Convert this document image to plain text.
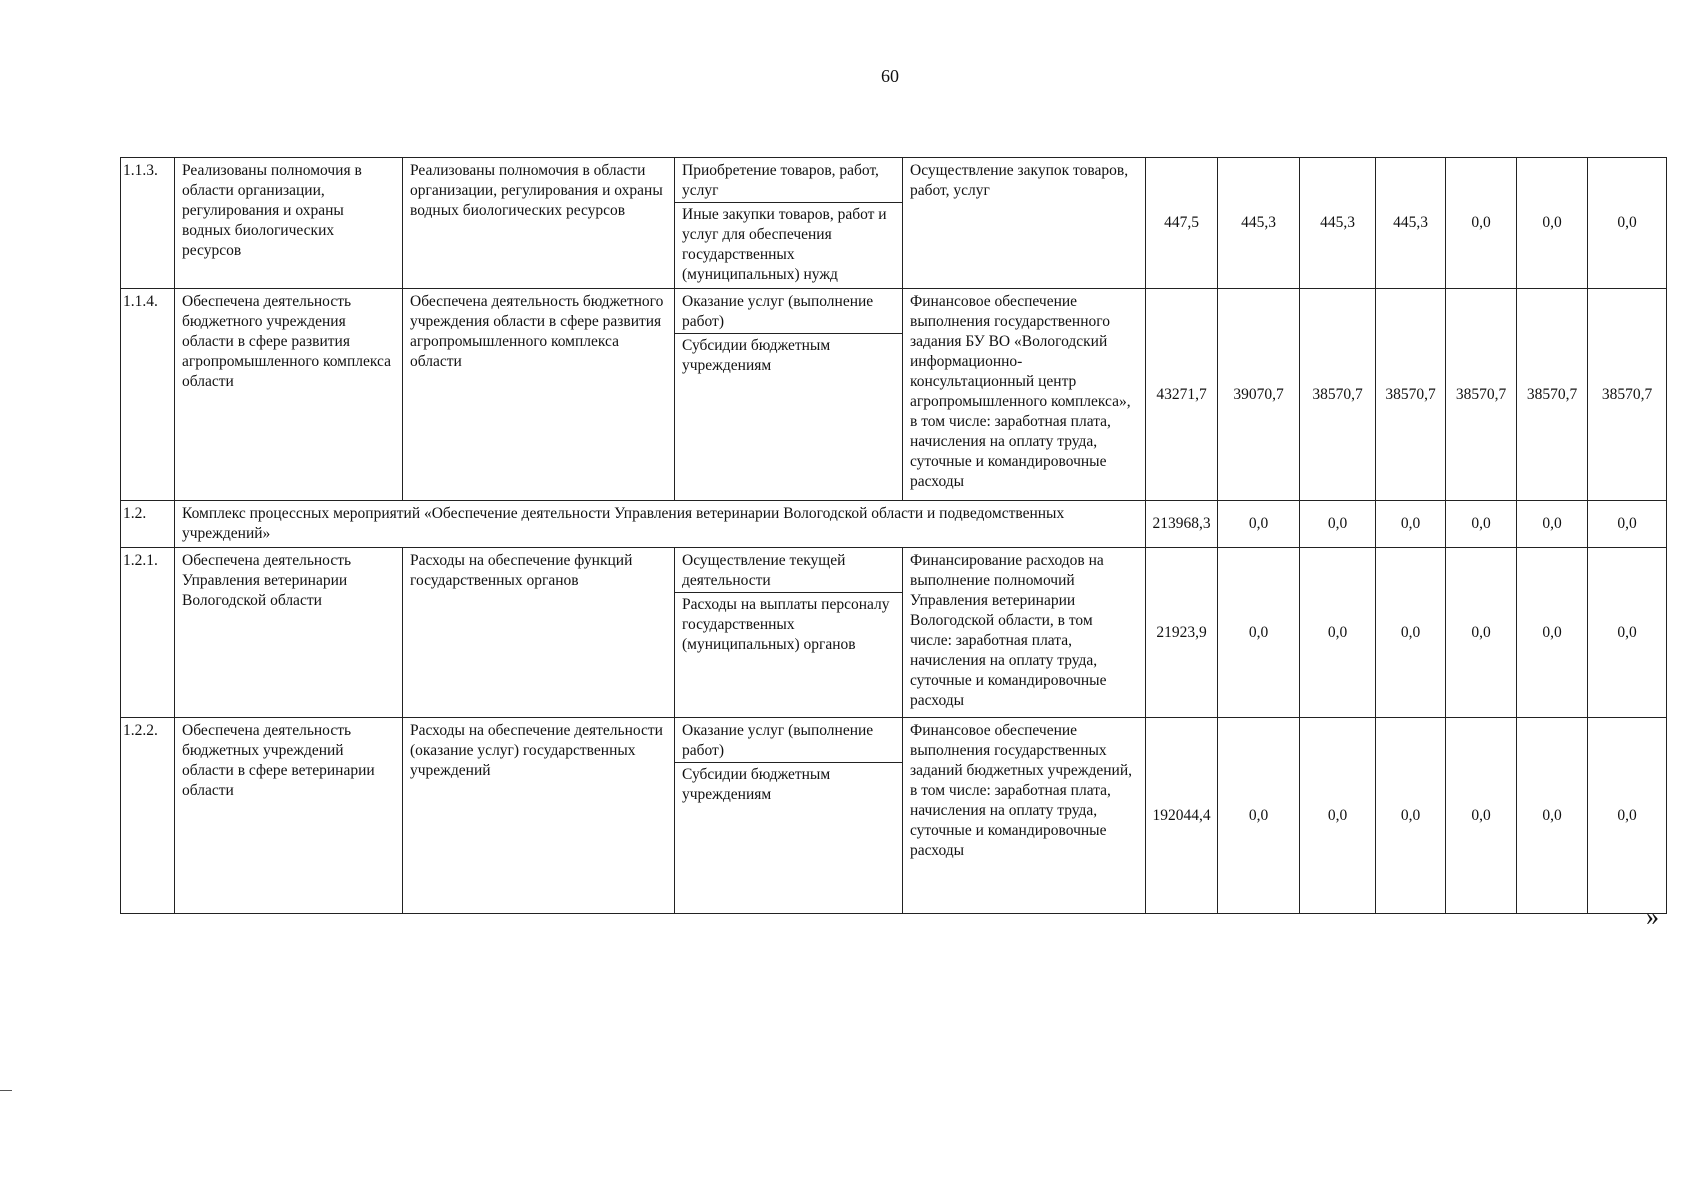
60
1.1.3.	Реализованы полномочия в области организации, регулирования и охраны водных биологических ресурсов	Реализованы полномочия в области организации, регулирования и охраны водных биологических ресурсов	Приобретение товаров, работ, услуг
Иные закупки товаров, работ и услуг для обеспечения государственных (муниципальных) нужд	Осуществление закупок товаров, работ, услуг	447,5	445,3	445,3	445,3	0,0	0,0	0,0
1.1.4.	Обеспечена деятельность бюджетного учреждения области в сфере развития агропромышленного комплекса области	Обеспечена деятельность бюджетного учреждения области в сфере развития агропромышленного комплекса области	Оказание услуг (выполнение работ)
Субсидии бюджетным учреждениям	Финансовое обеспечение выполнения государственного задания БУ ВО «Вологодский информационно-консультационный центр агропромышленного комплекса», в том числе: заработная плата, начисления на оплату труда, суточные и командировочные расходы	43271,7	39070,7	38570,7	38570,7	38570,7	38570,7	38570,7
1.2.	Комплекс процессных мероприятий «Обеспечение деятельности Управления ветеринарии Вологодской области и подведомственных учреждений»				213968,3	0,0	0,0	0,0	0,0	0,0	0,0
1.2.1.	Обеспечена деятельность Управления ветеринарии Вологодской области	Расходы на обеспечение функций государственных органов	Осуществление текущей деятельности
Расходы на выплаты персоналу государственных (муниципальных) органов	Финансирование расходов на выполнение полномочий Управления ветеринарии Вологодской области, в том числе: заработная плата, начисления на оплату труда, суточные и командировочные расходы	21923,9	0,0	0,0	0,0	0,0	0,0	0,0
1.2.2.	Обеспечена деятельность бюджетных учреждений области в сфере ветеринарии области	Расходы на обеспечение деятельности (оказание услуг) государственных учреждений	Оказание услуг (выполнение работ)
Субсидии бюджетным учреждениям	Финансовое обеспечение выполнения государственных заданий бюджетных учреждений, в том числе: заработная плата, начисления на оплату труда, суточные и командировочные расходы	192044,4	0,0	0,0	0,0	0,0	0,0	0,0
»
